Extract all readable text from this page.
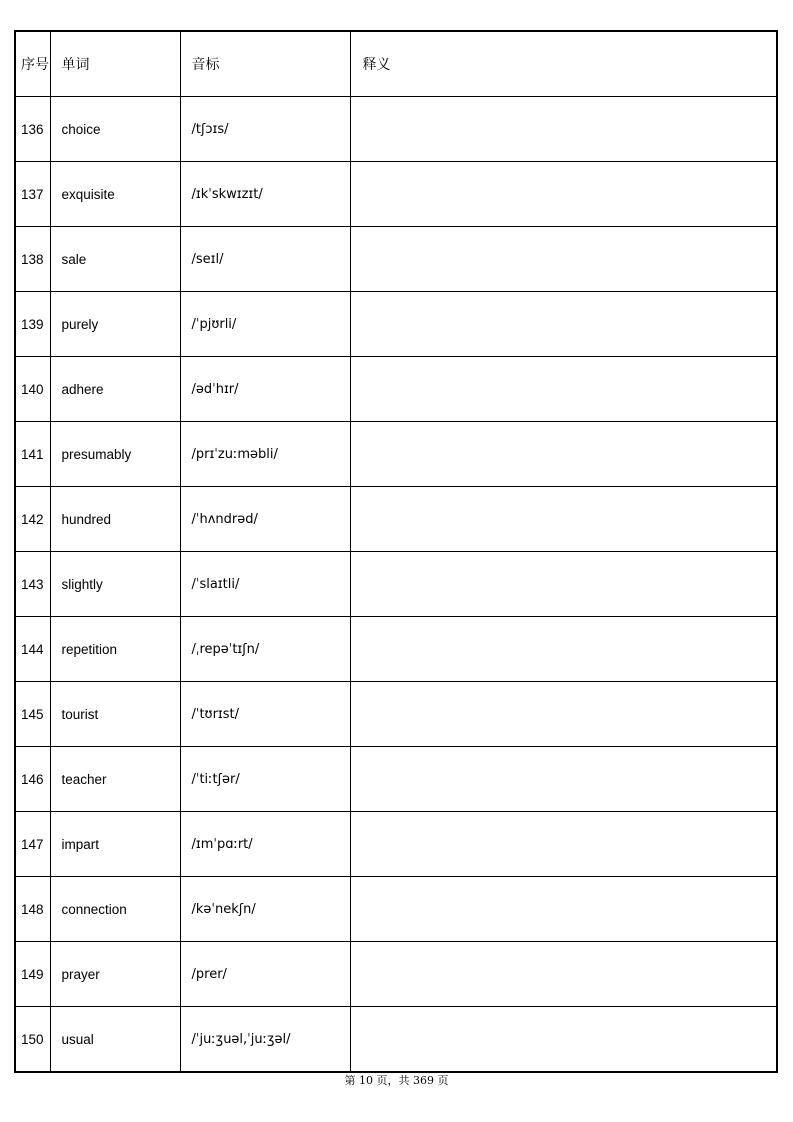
序号	单词	音标	释义
136	choice	/tʃɔɪs/	
137	exquisite	/ɪkˈskwɪzɪt/	
138	sale	/seɪl/	
139	purely	/ˈpjʊrli/	
140	adhere	/ədˈhɪr/	
141	presumably	/prɪˈzuːməbli/	
142	hundred	/ˈhʌndrəd/	
143	slightly	/ˈslaɪtli/	
144	repetition	/ˌrepəˈtɪʃn/	
145	tourist	/ˈtʊrɪst/	
146	teacher	/ˈtiːtʃər/	
147	impart	/ɪmˈpɑːrt/	
148	connection	/kəˈnekʃn/	
149	prayer	/prer/	
150	usual	/ˈjuːʒuəl,ˈjuːʒəl/	
第 10 页，共 369 页
